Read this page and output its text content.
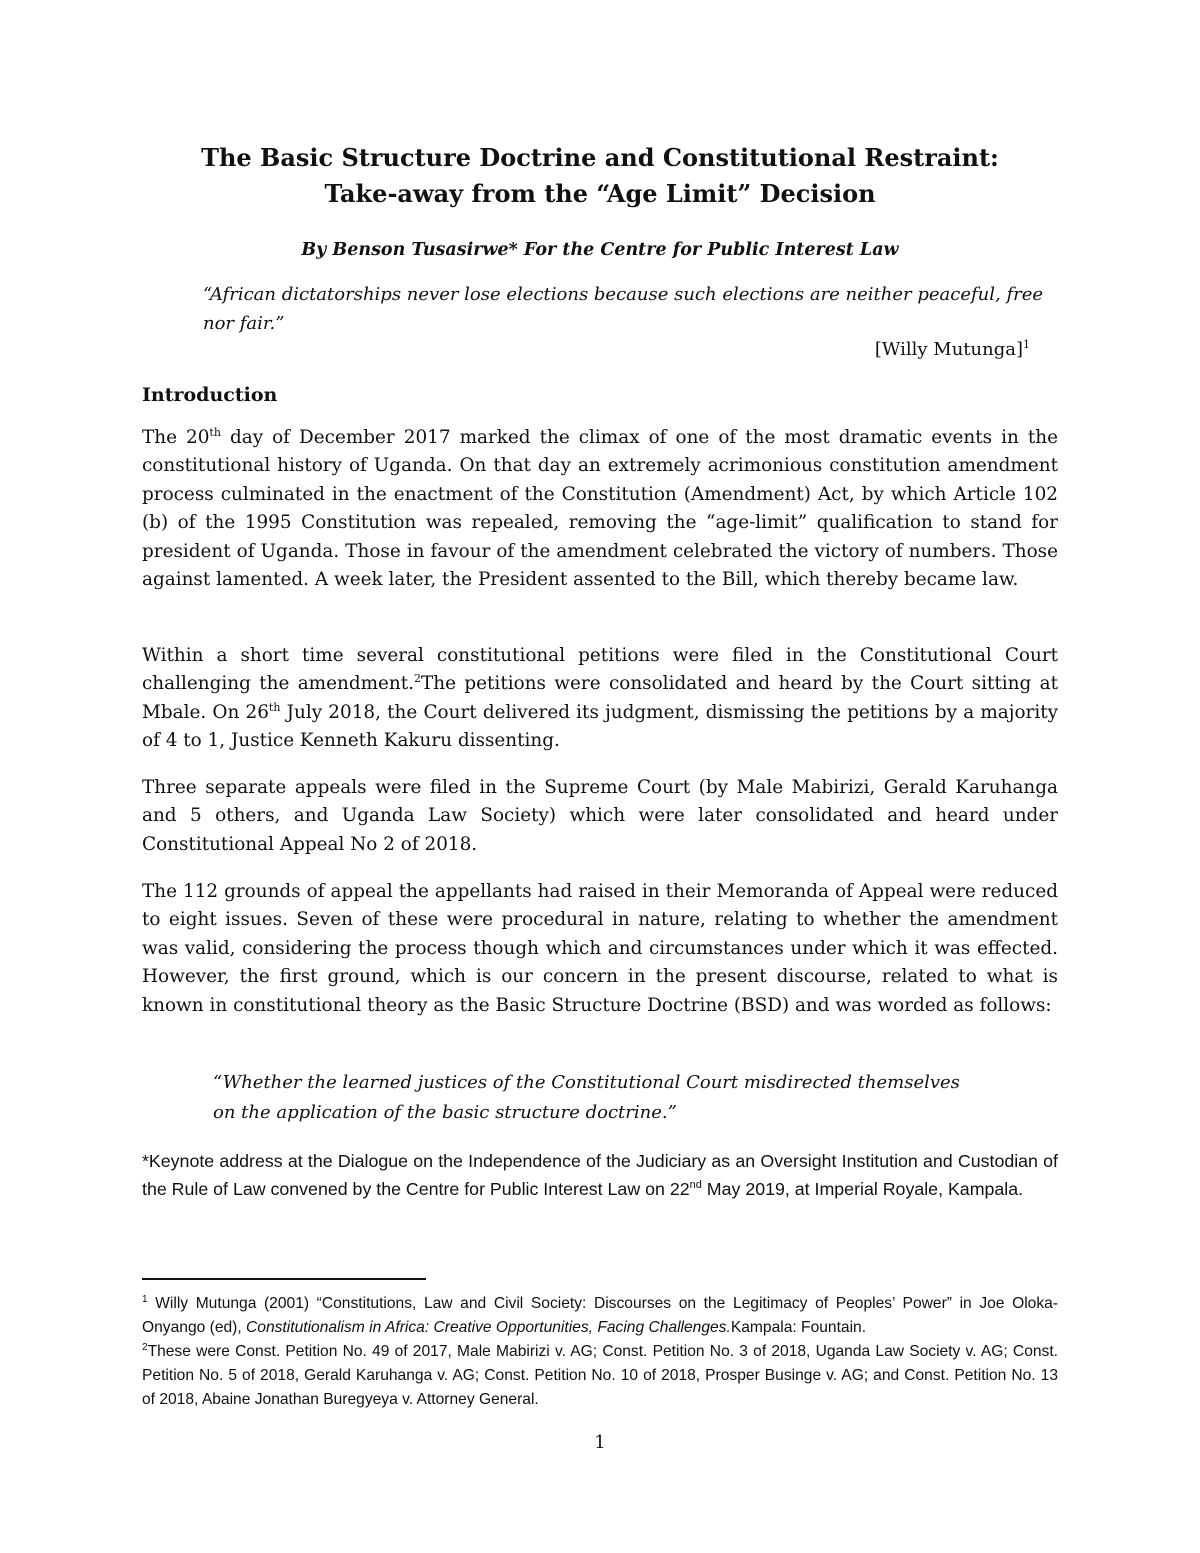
The Basic Structure Doctrine and Constitutional Restraint:
Take-away from the “Age Limit” Decision
By Benson Tusasirwe* For the Centre for Public Interest Law
“African dictatorships never lose elections because such elections are neither peaceful, free nor fair.”
[Willy Mutunga]$^1$
Introduction

The 20th day of December 2017 marked the climax of one of the most dramatic events in the constitutional history of Uganda. On that day an extremely acrimonious constitution amendment process culminated in the enactment of the Constitution (Amendment) Act, by which Article 102 (b) of the 1995 Constitution was repealed, removing the “age-limit” qualification to stand for president of Uganda. Those in favour of the amendment celebrated the victory of numbers. Those against lamented. A week later, the President assented to the Bill, which thereby became law.

Within a short time several constitutional petitions were filed in the Constitutional Court challenging the amendment.$^2$The petitions were consolidated and heard by the Court sitting at Mbale. On 26th July 2018, the Court delivered its judgment, dismissing the petitions by a majority of 4 to 1, Justice Kenneth Kakuru dissenting.

Three separate appeals were filed in the Supreme Court (by Male Mabirizi, Gerald Karuhanga and 5 others, and Uganda Law Society) which were later consolidated and heard under Constitutional Appeal No 2 of 2018.

The 112 grounds of appeal the appellants had raised in their Memoranda of Appeal were reduced to eight issues. Seven of these were procedural in nature, relating to whether the amendment was valid, considering the process though which and circumstances under which it was effected. However, the first ground, which is our concern in the present discourse, related to what is known in constitutional theory as the Basic Structure Doctrine (BSD) and was worded as follows:

“Whether the learned justices of the Constitutional Court misdirected themselves
on the application of the basic structure doctrine.”
*Keynote address at the Dialogue on the Independence of the Judiciary as an Oversight Institution and Custodian of the Rule of Law convened by the Centre for Public Interest Law on 22nd May 2019, at Imperial Royale, Kampala.
$^1$ Willy Mutunga (2001) “Constitutions, Law and Civil Society: Discourses on the Legitimacy of Peoples’ Power” in Joe Oloka-Onyango (ed), Constitutionalism in Africa: Creative Opportunities, Facing Challenges.Kampala: Fountain.
$^2$These were Const. Petition No. 49 of 2017, Male Mabirizi v. AG; Const. Petition No. 3 of 2018, Uganda Law Society v. AG; Const. Petition No. 5 of 2018, Gerald Karuhanga v. AG; Const. Petition No. 10 of 2018, Prosper Businge v. AG; and Const. Petition No. 13 of 2018, Abaine Jonathan Buregyeya v. Attorney General.
1
